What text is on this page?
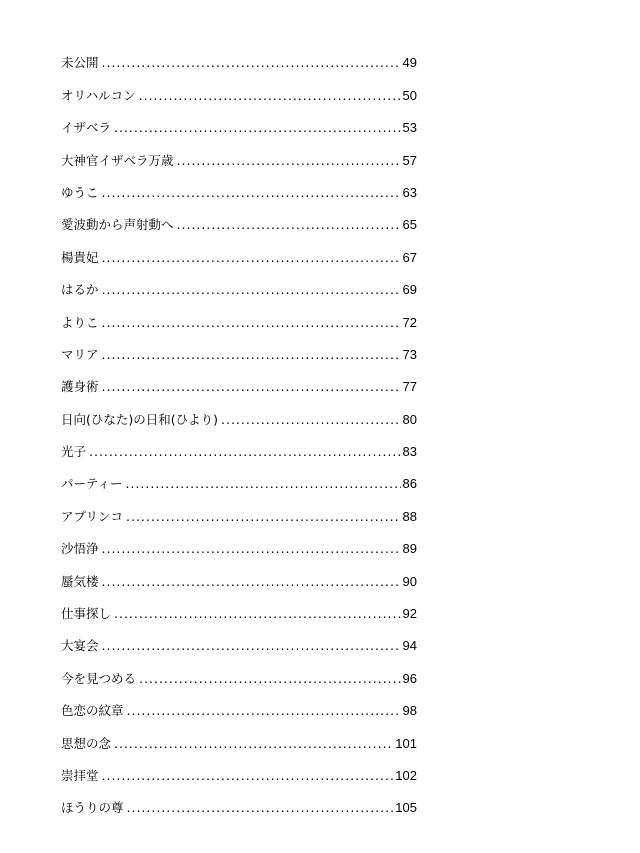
未公開 .....	49
オリハルコン .....	50
イザベラ .....	53
大神官イザベラ万歳 .....	57
ゆうこ .....	63
愛波動から声射動へ .....	65
楊貴妃 .....	67
はるか .....	69
よりこ .....	72
マリア .....	73
護身術 .....	77
日向(ひなた)の日和(ひより) .....	80
光子 .....	83
パーティー .....	86
アプリンコ .....	88
沙悟浄 .....	89
蜃気楼 .....	90
仕事探し .....	92
大宴会 .....	94
今を見つめる .....	96
色恋の紋章 .....	98
思想の念 .....	101
崇拝堂 .....	102
ほうりの尊 .....	105
